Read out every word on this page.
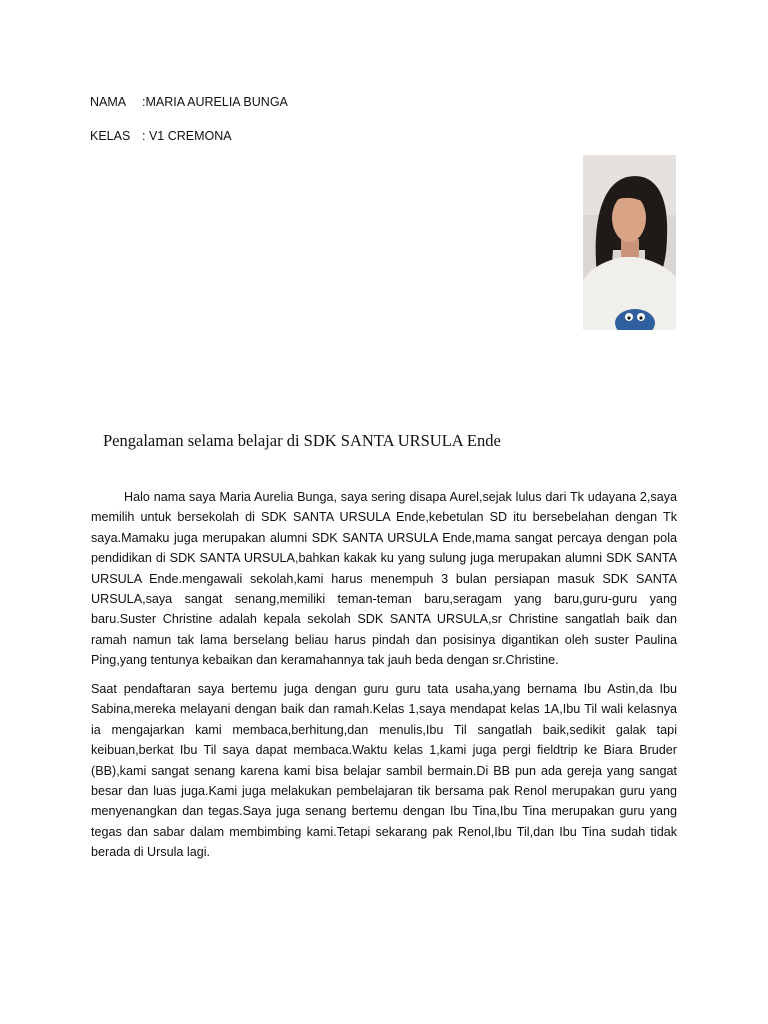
NAMA	:MARIA AURELIA BUNGA
KELAS : V1 CREMONA
Pengalaman selama belajar di SDK SANTA URSULA Ende

Halo nama saya Maria Aurelia Bunga, saya sering disapa Aurel,sejak lulus dari Tk udayana 2,saya memilih untuk bersekolah di SDK SANTA URSULA Ende,kebetulan SD itu bersebelahan dengan Tk saya.Mamaku juga merupakan alumni SDK SANTA URSULA Ende,mama sangat percaya dengan pola pendidikan di SDK SANTA URSULA,bahkan kakak ku yang sulung juga merupakan alumni SDK SANTA URSULA Ende.mengawali sekolah,kami harus menempuh 3 bulan persiapan masuk SDK SANTA URSULA,saya sangat senang,memiliki teman-teman baru,seragam yang baru,guru-guru yang baru.Suster Christine adalah kepala sekolah SDK SANTA URSULA,sr Christine sangatlah baik dan ramah namun tak lama berselang beliau harus pindah dan posisinya digantikan oleh suster Paulina Ping,yang tentunya kebaikan dan keramahannya tak jauh beda dengan sr.Christine.

Saat pendaftaran saya bertemu juga dengan guru guru tata usaha,yang bernama Ibu Astin,da Ibu Sabina,mereka melayani dengan baik dan ramah.Kelas 1,saya mendapat kelas 1A,Ibu Til wali kelasnya ia mengajarkan kami membaca,berhitung,dan menulis,Ibu Til sangatlah baik,sedikit galak tapi keibuan,berkat Ibu Til saya dapat membaca.Waktu kelas 1,kami juga pergi fieldtrip ke Biara Bruder (BB),kami sangat senang karena kami bisa belajar sambil bermain.Di BB pun ada gereja yang sangat besar dan luas juga.Kami juga melakukan pembelajaran tik bersama pak Renol merupakan guru yang menyenangkan dan tegas.Saya juga senang bertemu dengan Ibu Tina,Ibu Tina merupakan guru yang tegas dan sabar dalam membimbing kami.Tetapi sekarang pak Renol,Ibu Til,dan Ibu Tina sudah tidak berada di Ursula lagi.
